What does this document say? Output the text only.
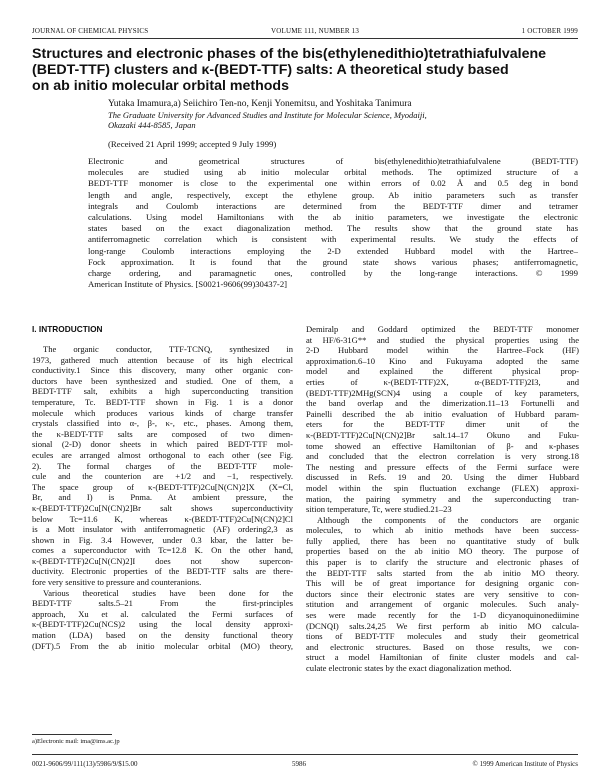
JOURNAL OF CHEMICAL PHYSICS	VOLUME 111, NUMBER 13	1 OCTOBER 1999
Structures and electronic phases of the bis(ethylenedithio)tetrathiafulvalene
(BEDT-TTF) clusters and κ-(BEDT-TTF) salts: A theoretical study based
on ab initio molecular orbital methods
Yutaka Imamura,a) Seiichiro Ten-no, Kenji Yonemitsu, and Yoshitaka Tanimura
The Graduate University for Advanced Studies and Institute for Molecular Science, Myodaiji,
Okazaki 444-8585, Japan
(Received 21 April 1999; accepted 9 July 1999)
Electronic and geometrical structures of bis(ethylenedithio)tetrathiafulvalene (BEDT-TTF)
molecules are studied using ab initio molecular orbital methods. The optimized structure of a
BEDT-TTF monomer is close to the experimental one within errors of 0.02 Å and 0.5 deg in bond
length and angle, respectively, except the ethylene group. Ab initio parameters such as transfer
integrals and Coulomb interactions are determined from the BEDT-TTF dimer and tetramer
calculations. Using model Hamiltonians with the ab initio parameters, we investigate the electronic
states based on the exact diagonalization method. The results show that the ground state has
antiferromagnetic correlation which is consistent with experimental results. We study the effects of
long-range Coulomb interactions employing the 2-D extended Hubbard model with the Hartree–
Fock approximation. It is found that the ground state shows various phases; antiferromagnetic,
charge ordering, and paramagnetic ones, controlled by the long-range interactions. © 1999
American Institute of Physics. [S0021-9606(99)30437-2]
I. INTRODUCTION
The organic conductor, TTF-TCNQ, synthesized in
1973, gathered much attention because of its high electrical
conductivity.1 Since this discovery, many other organic con-
ductors have been synthesized and studied. One of them, a
BEDT-TTF salt, exhibits a high superconducting transition
temperature, Tc. BEDT-TTF shown in Fig. 1 is a donor
molecule which produces various kinds of charge transfer
crystals classified into α-, β-, κ-, etc., phases. Among them,
the κ-BEDT-TTF salts are composed of two dimen-
sional (2-D) donor sheets in which paired BEDT-TTF mol-
ecules are arranged almost orthogonal to each other (see Fig.
2). The formal charges of the BEDT-TTF mole-
cule and the counterion are +1/2 and −1, respectively.
The space group of κ-(BEDT-TTF)2Cu[N(CN)2]X (X=Cl,
Br, and I) is Pnma. At ambient pressure, the
κ-(BEDT-TTF)2Cu[N(CN)2]Br salt shows superconductivity
below Tc=11.6 K, whereas κ-(BEDT-TTF)2Cu[N(CN)2]Cl
is a Mott insulator with antiferromagnetic (AF) ordering2,3 as
shown in Fig. 3.4 However, under 0.3 kbar, the latter be-
comes a superconductor with Tc=12.8 K. On the other hand,
κ-(BEDT-TTF)2Cu[N(CN)2]I does not show supercon-
ductivity. Electronic properties of the BEDT-TTF salts are there-
fore very sensitive to pressure and counteranions.
Various theoretical studies have been done for the
BEDT-TTF salts.5–21 From the first-principles
approach, Xu et al. calculated the Fermi surfaces of
κ-(BEDT-TTF)2Cu(NCS)2 using the local density approxi-
mation (LDA) based on the density functional theory
(DFT).5 From the ab initio molecular orbital (MO) theory,
Demiralp and Goddard optimized the BEDT-TTF monomer
at HF/6-31G** and studied the physical properties using the
2-D Hubbard model within the Hartree–Fock (HF)
approximation.6–10 Kino and Fukuyama adopted the same
model and explained the different physical prop-
erties of κ-(BEDT-TTF)2X, α-(BEDT-TTF)2I3, and
(BEDT-TTF)2MHg(SCN)4 using a couple of key parameters,
the band overlap and the dimerization.11–13 Fortunelli and
Painelli described the ab initio evaluation of Hubbard param-
eters for the BEDT-TTF dimer unit of the
κ-(BEDT-TTF)2Cu[N(CN)2]Br salt.14–17 Okuno and Fuku-
tome showed an effective Hamiltonian of β- and κ-phases
and concluded that the electron correlation is very strong.18
The nesting and pressure effects of the Fermi surface were
discussed in Refs. 19 and 20. Using the dimer Hubbard
model within the spin fluctuation exchange (FLEX) approxi-
mation, the pairing symmetry and the superconducting tran-
sition temperature, Tc, were studied.21–23
Although the components of the conductors are organic
molecules, to which ab initio methods have been success-
fully applied, there has been no quantitative study of bulk
properties based on the ab initio MO theory. The purpose of
this paper is to clarify the structure and electronic phases of
the BEDT-TTF salts started from the ab initio MO theory.
This will be of great importance for designing organic con-
ductors since their electronic states are very sensitive to con-
stitution and arrangement of organic molecules. Such analy-
ses were made recently for the 1-D dicyanoquinonediimine
(DCNQI) salts.24,25 We first perform ab initio MO calcula-
tions of BEDT-TTF molecules and study their geometrical
and electronic structures. Based on those results, we con-
struct a model Hamiltonian of finite cluster models and cal-
culate electronic states by the exact diagonalization method.
a)Electronic mail: ima@ims.ac.jp
0021-9606/99/111(13)/5986/9/$15.00	5986	© 1999 American Institute of Physics
